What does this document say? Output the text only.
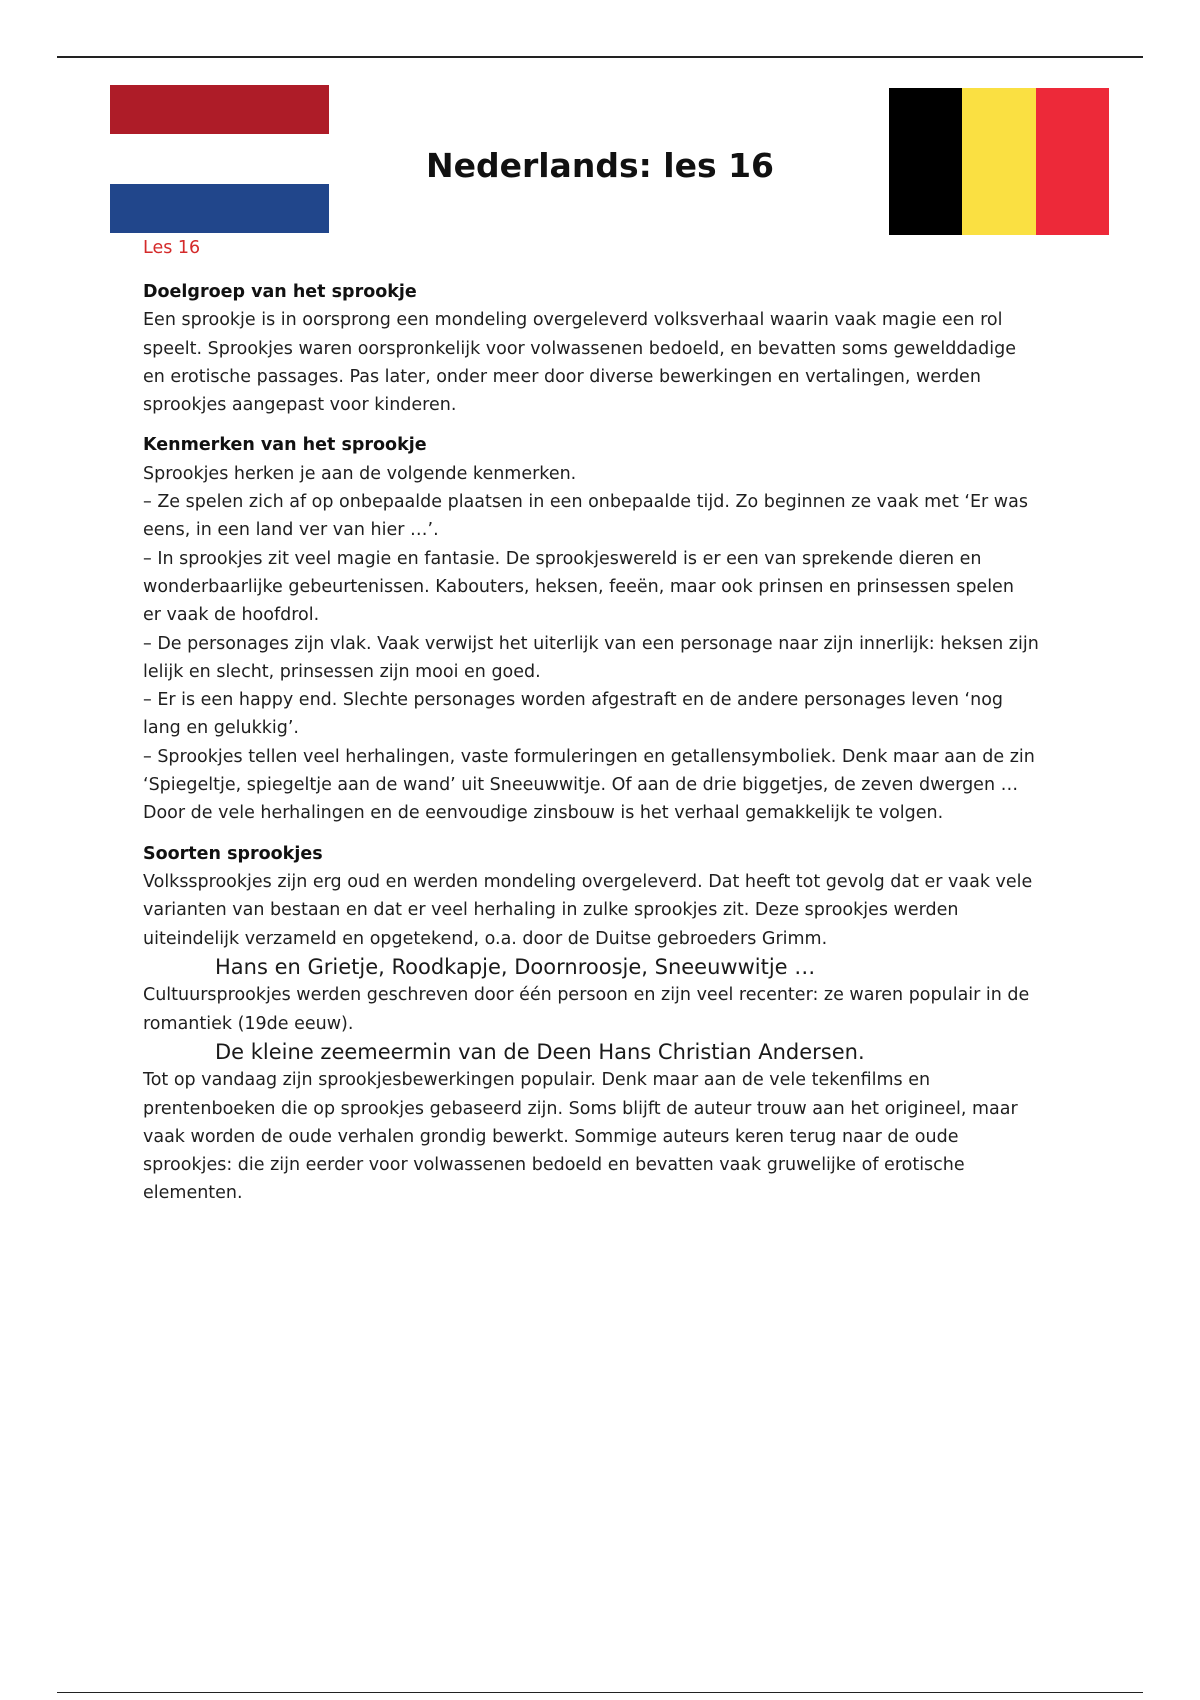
Nederlands: les 16

Les 16

Doelgroep van het sprookje

Een sprookje is in oorsprong een mondeling overgeleverd volksverhaal waarin vaak magie een rol

speelt. Sprookjes waren oorspronkelijk voor volwassenen bedoeld, en bevatten soms gewelddadige

en erotische passages. Pas later, onder meer door diverse bewerkingen en vertalingen, werden

sprookjes aangepast voor kinderen.

Kenmerken van het sprookje

Sprookjes herken je aan de volgende kenmerken.

– Ze spelen zich af op onbepaalde plaatsen in een onbepaalde tijd. Zo beginnen ze vaak met ‘Er was

eens, in een land ver van hier …’.

– In sprookjes zit veel magie en fantasie. De sprookjeswereld is er een van sprekende dieren en

wonderbaarlijke gebeurtenissen. Kabouters, heksen, feeën, maar ook prinsen en prinsessen spelen

er vaak de hoofdrol.

– De personages zijn vlak. Vaak verwijst het uiterlijk van een personage naar zijn innerlijk: heksen zijn

lelijk en slecht, prinsessen zijn mooi en goed.

– Er is een happy end. Slechte personages worden afgestraft en de andere personages leven ‘nog

lang en gelukkig’.

– Sprookjes tellen veel herhalingen, vaste formuleringen en getallensymboliek. Denk maar aan de zin

‘Spiegeltje, spiegeltje aan de wand’ uit Sneeuwwitje. Of aan de drie biggetjes, de zeven dwergen …

Door de vele herhalingen en de eenvoudige zinsbouw is het verhaal gemakkelijk te volgen.

Soorten sprookjes

Volkssprookjes zijn erg oud en werden mondeling overgeleverd. Dat heeft tot gevolg dat er vaak vele

varianten van bestaan en dat er veel herhaling in zulke sprookjes zit. Deze sprookjes werden

uiteindelijk verzameld en opgetekend, o.a. door de Duitse gebroeders Grimm.

Hans en Grietje, Roodkapje, Doornroosje, Sneeuwwitje …

Cultuursprookjes werden geschreven door één persoon en zijn veel recenter: ze waren populair in de

romantiek (19de eeuw).

De kleine zeemeermin van de Deen Hans Christian Andersen.

Tot op vandaag zijn sprookjesbewerkingen populair. Denk maar aan de vele tekenfilms en

prentenboeken die op sprookjes gebaseerd zijn. Soms blijft de auteur trouw aan het origineel, maar

vaak worden de oude verhalen grondig bewerkt. Sommige auteurs keren terug naar de oude

sprookjes: die zijn eerder voor volwassenen bedoeld en bevatten vaak gruwelijke of erotische

elementen.
